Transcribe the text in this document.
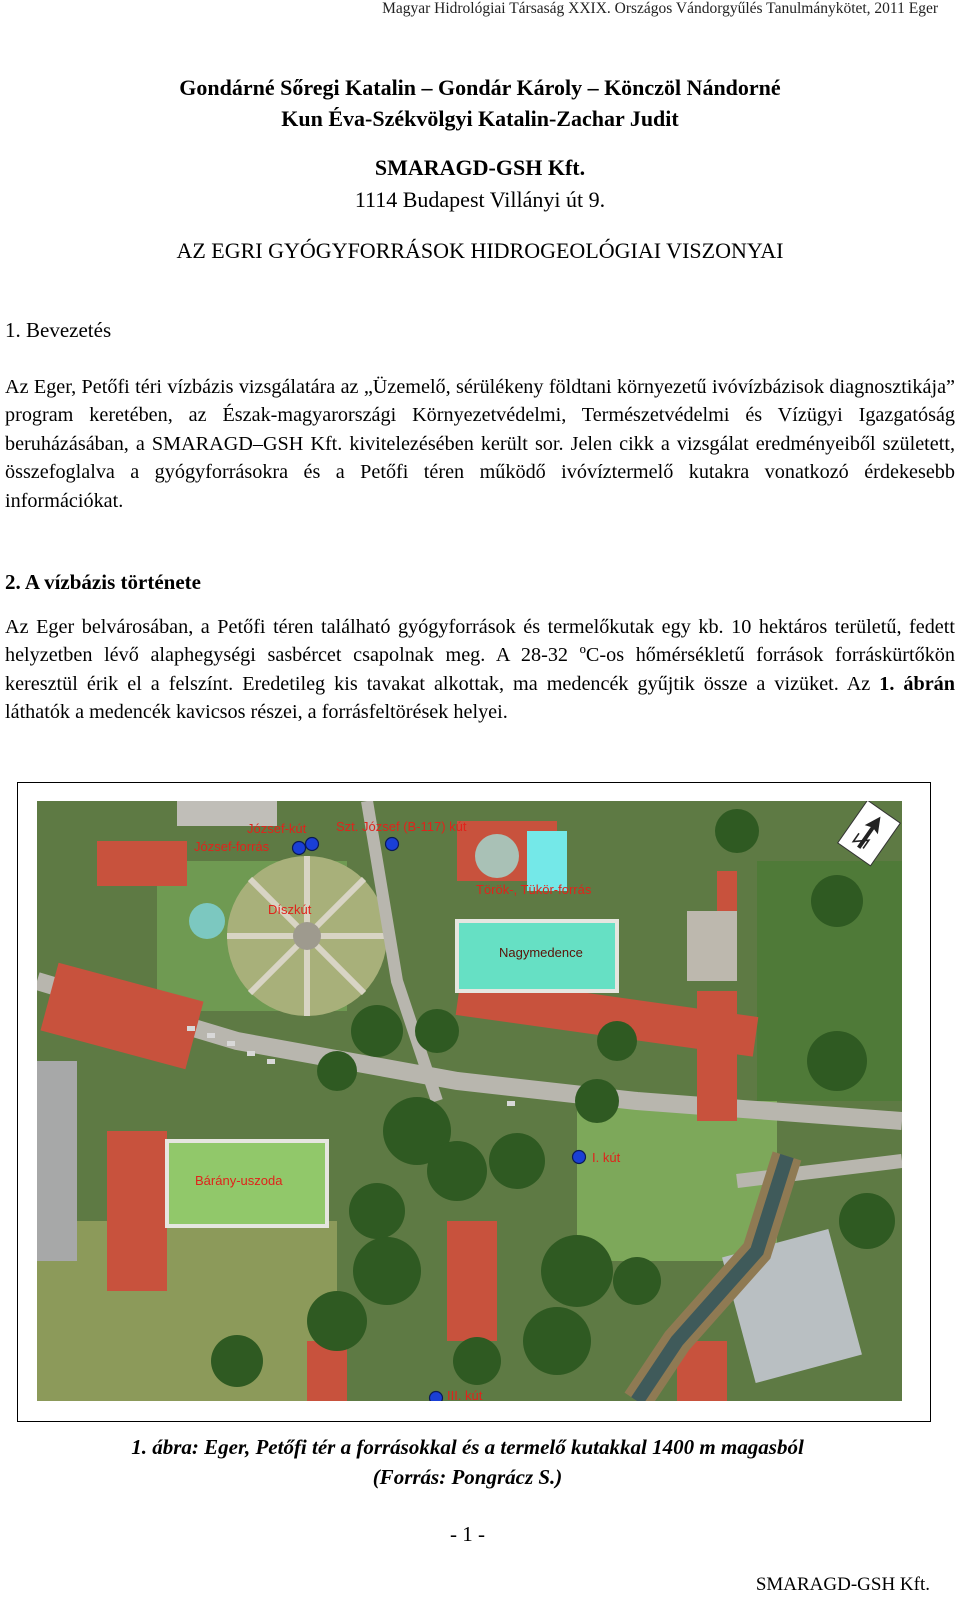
Magyar Hidrológiai Társaság XXIX. Országos Vándorgyűlés Tanulmánykötet, 2011 Eger
Gondárné Sőregi Katalin – Gondár Károly – Könczöl Nándorné
Kun Éva-Székvölgyi Katalin-Zachar Judit
SMARAGD-GSH Kft.
1114 Budapest Villányi út 9.
AZ EGRI GYÓGYFORRÁSOK HIDROGEOLÓGIAI VISZONYAI
1. Bevezetés
Az Eger, Petőfi téri vízbázis vizsgálatára az „Üzemelő, sérülékeny földtani környezetű ivóvízbázisok diagnosztikája” program keretében, az Észak-magyarországi Környezetvédelmi, Természetvédelmi és Vízügyi Igazgatóság beruházásában, a SMARAGD–GSH Kft. kivitelezésében került sor. Jelen cikk a vizsgálat eredményeiből született, összefoglalva a gyógyforrásokra és a Petőfi téren működő ivóvíztermelő kutakra vonatkozó érdekesebb információkat.
2. A vízbázis története
Az Eger belvárosában, a Petőfi téren található gyógyforrások és termelőkutak egy kb. 10 hektáros területű, fedett helyzetben lévő alaphegységi sasbércet csapolnak meg. A 28-32 ºC-os hőmérsékletű források forráskürtőkön keresztül érik el a felszínt. Eredetileg kis tavakat alkottak, ma medencék gyűjtik össze a vizüket. Az 1. ábrán láthatók a medencék kavicsos részei, a forrásfeltörések helyei.
József-kút
József-forrás
Szt. József (B-117) kút
Díszkút
Török-, Tükör-forrás
Nagymedence
I. kút
Bárány-uszoda
III. kút
1. ábra: Eger, Petőfi tér a forrásokkal és a termelő kutakkal 1400 m magasból
(Forrás: Pongrácz S.)
- 1 -
SMARAGD-GSH Kft.
